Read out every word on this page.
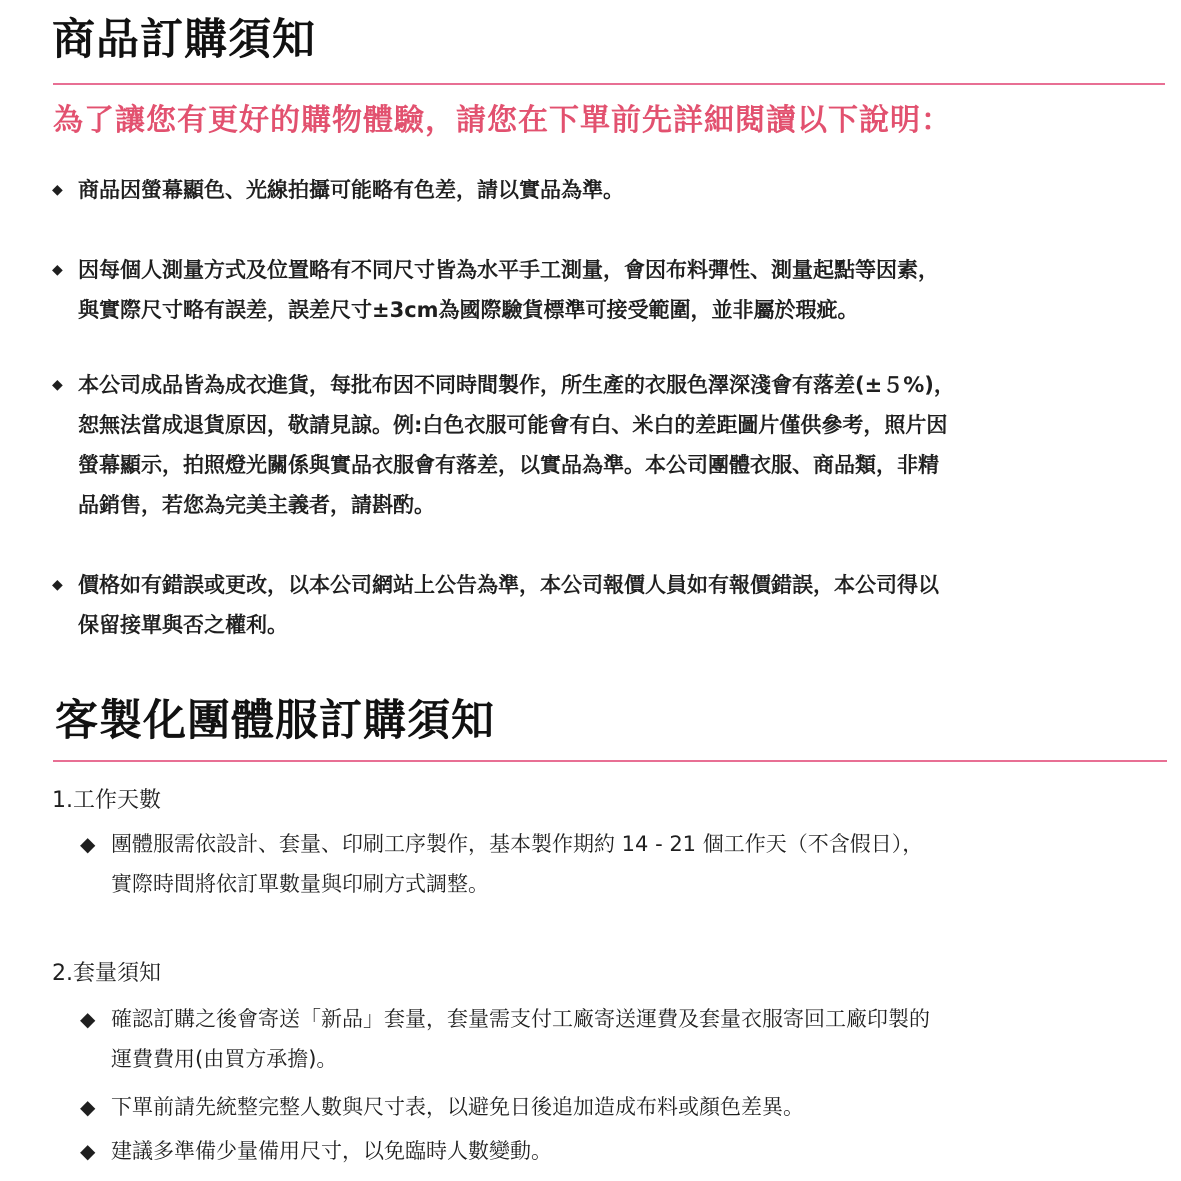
商品訂購須知
為了讓您有更好的購物體驗，請您在下單前先詳細閱讀以下說明：
◆ 商品因螢幕顯色、光線拍攝可能略有色差，請以實品為準。
◆ 因每個人測量方式及位置略有不同尺寸皆為水平手工測量，會因布料彈性、測量起點等因素，
與實際尺寸略有誤差，誤差尺寸±3cm為國際驗貨標準可接受範圍，並非屬於瑕疵。
◆ 本公司成品皆為成衣進貨，每批布因不同時間製作，所生產的衣服色澤深淺會有落差(±５%)，
恕無法當成退貨原因，敬請見諒。例:白色衣服可能會有白、米白的差距圖片僅供參考，照片因
螢幕顯示，拍照燈光關係與實品衣服會有落差，以實品為準。本公司團體衣服、商品類，非精
品銷售，若您為完美主義者，請斟酌。
◆ 價格如有錯誤或更改，以本公司網站上公告為準，本公司報價人員如有報價錯誤，本公司得以
保留接單與否之權利。
客製化團體服訂購須知
1.工作天數
◆ 團體服需依設計、套量、印刷工序製作，基本製作期約 14 - 21 個工作天（不含假日），
實際時間將依訂單數量與印刷方式調整。
2.套量須知
◆ 確認訂購之後會寄送「新品」套量，套量需支付工廠寄送運費及套量衣服寄回工廠印製的
運費費用(由買方承擔)。
◆ 下單前請先統整完整人數與尺寸表，以避免日後追加造成布料或顏色差異。
◆ 建議多準備少量備用尺寸，以免臨時人數變動。
